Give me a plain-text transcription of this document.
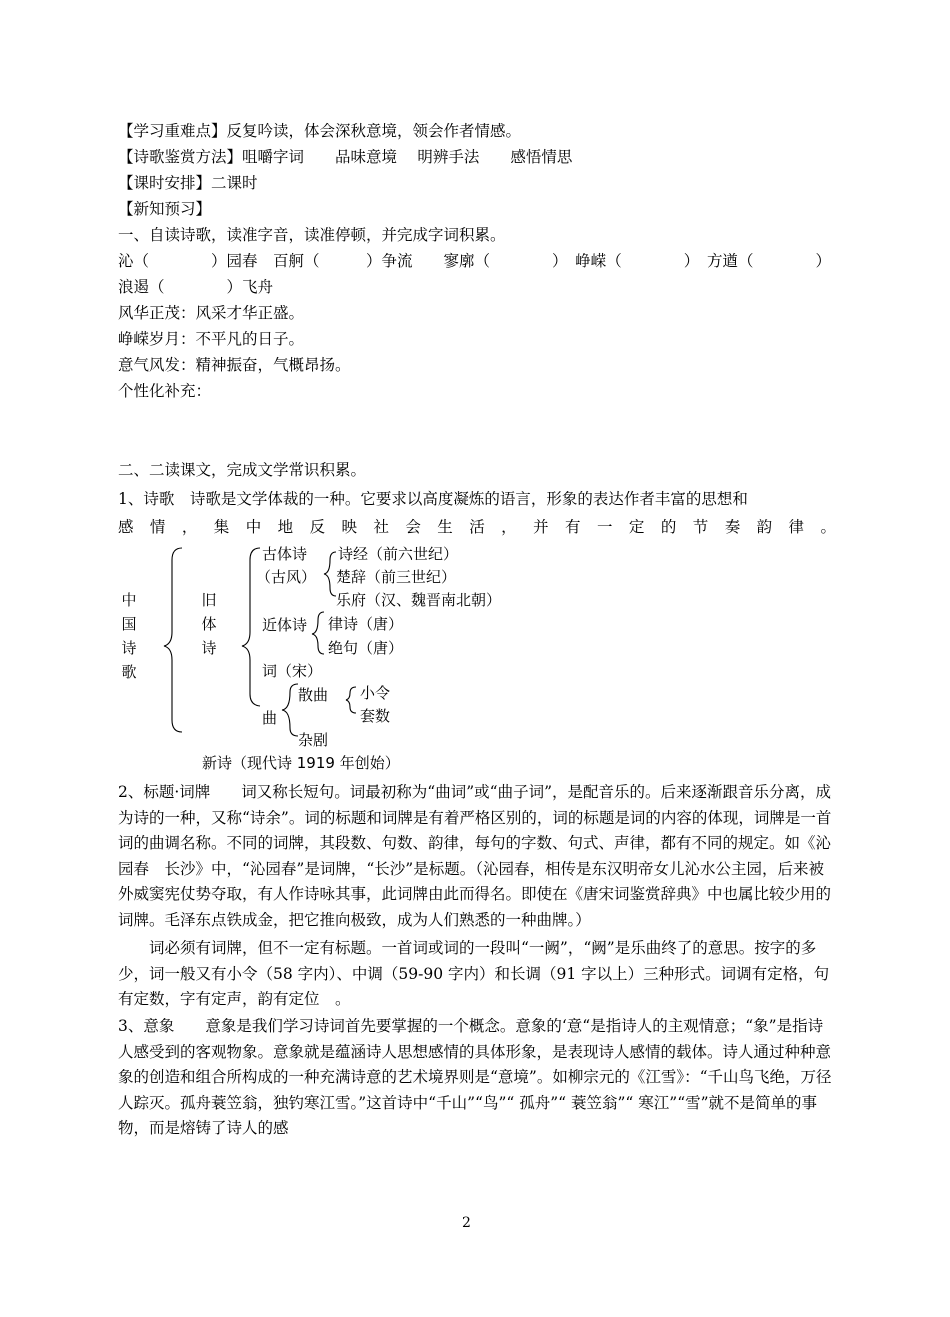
【学习重难点】反复吟读，体会深秋意境，领会作者情感。
【诗歌鉴赏方法】咀嚼字词　　品味意境　 明辨手法　　感悟情思
【课时安排】二课时
【新知预习】
一、自读诗歌，读准字音，读准停顿，并完成字词积累。
沁（　　　　）园春　百舸（　　　）争流　　寥廓（　　　　）　峥嵘（　　　　）　方遒（　　　　）
浪遏（　　　　）飞舟
风华正茂：风采才华正盛。
峥嵘岁月：不平凡的日子。
意气风发：精神振奋，气概昂扬。
个性化补充：
二、二读课文，完成文学常识积累。
1、诗歌　诗歌是文学体裁的一种。它要求以高度凝炼的语言，形象的表达作者丰富的思想和
感情，集中地反映社会生活，并有一定的节奏韵律。
中国诗歌
旧体诗
古体诗
（古风）
诗经（前六世纪）
楚辞（前三世纪）
乐府（汉、魏晋南北朝）
近体诗 律诗（唐）
绝句（唐）
词（宋）
曲
散曲 小令
套数
杂剧
新诗（现代诗 1919 年创始）
2、标题·词牌　　词又称长短句。词最初称为“曲词”或“曲子词”，是配音乐的。后来逐渐跟音乐分离，成为诗的一种，又称“诗余”。词的标题和词牌是有着严格区别的，词的标题是词的内容的体现，词牌是一首词的曲调名称。不同的词牌，其段数、句数、韵律，每句的字数、句式、声律，都有不同的规定。如《沁园春　长沙》中，“沁园春”是词牌，“长沙”是标题。（沁园春，相传是东汉明帝女儿沁水公主园，后来被外威窦宪仗势夺取，有人作诗咏其事，此词牌由此而得名。即使在《唐宋词鉴赏辞典》中也属比较少用的词牌。毛泽东点铁成金，把它推向极致，成为人们熟悉的一种曲牌。）
词必须有词牌，但不一定有标题。一首词或词的一段叫“一阙”，“阙”是乐曲终了的意思。按字的多少，词一般又有小令（58 字内）、中调（59-90 字内）和长调（91 字以上）三种形式。词调有定格，句有定数，字有定声，韵有定位　。
3、意象　　意象是我们学习诗词首先要掌握的一个概念。意象的‘意“是指诗人的主观情意；“象”是指诗人感受到的客观物象。意象就是蕴涵诗人思想感情的具体形象，是表现诗人感情的载体。诗人通过种种意象的创造和组合所构成的一种充满诗意的艺术境界则是“意境”。如柳宗元的《江雪》：“千山鸟飞绝，万径人踪灭。孤舟蓑笠翁，独钓寒江雪。”这首诗中“千山”“鸟”“ 孤舟”“ 蓑笠翁”“ 寒江”“雪”就不是简单的事物，而是熔铸了诗人的感
2
